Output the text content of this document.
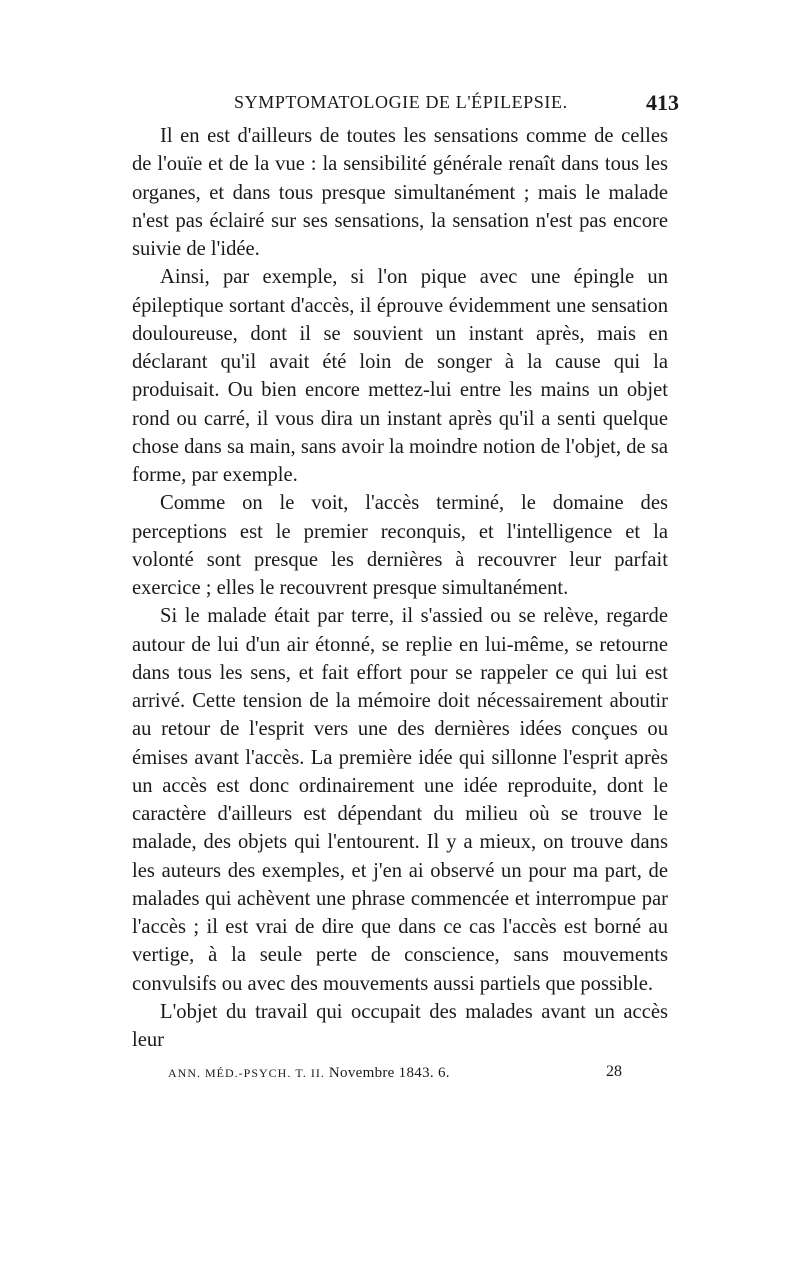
SYMPTOMATOLOGIE DE L'ÉPILEPSIE.	413

Il en est d'ailleurs de toutes les sensations comme de celles de l'ouïe et de la vue : la sensibilité générale renaît dans tous les organes, et dans tous presque simultanément ; mais le malade n'est pas éclairé sur ses sensations, la sensation n'est pas encore suivie de l'idée.

Ainsi, par exemple, si l'on pique avec une épingle un épileptique sortant d'accès, il éprouve évidemment une sensation douloureuse, dont il se souvient un instant après, mais en déclarant qu'il avait été loin de songer à la cause qui la produisait. Ou bien encore mettez-lui entre les mains un objet rond ou carré, il vous dira un instant après qu'il a senti quelque chose dans sa main, sans avoir la moindre notion de l'objet, de sa forme, par exemple.

Comme on le voit, l'accès terminé, le domaine des perceptions est le premier reconquis, et l'intelligence et la volonté sont presque les dernières à recouvrer leur parfait exercice ; elles le recouvrent presque simultanément.

Si le malade était par terre, il s'assied ou se relève, regarde autour de lui d'un air étonné, se replie en lui-même, se retourne dans tous les sens, et fait effort pour se rappeler ce qui lui est arrivé. Cette tension de la mémoire doit nécessairement aboutir au retour de l'esprit vers une des dernières idées conçues ou émises avant l'accès. La première idée qui sillonne l'esprit après un accès est donc ordinairement une idée reproduite, dont le caractère d'ailleurs est dépendant du milieu où se trouve le malade, des objets qui l'entourent. Il y a mieux, on trouve dans les auteurs des exemples, et j'en ai observé un pour ma part, de malades qui achèvent une phrase commencée et interrompue par l'accès ; il est vrai de dire que dans ce cas l'accès est borné au vertige, à la seule perte de conscience, sans mouvements convulsifs ou avec des mouvements aussi partiels que possible.

L'objet du travail qui occupait des malades avant un accès leur

ANN. MÉD.-PSYCH. T. II. Novembre 1843. 6.	28
